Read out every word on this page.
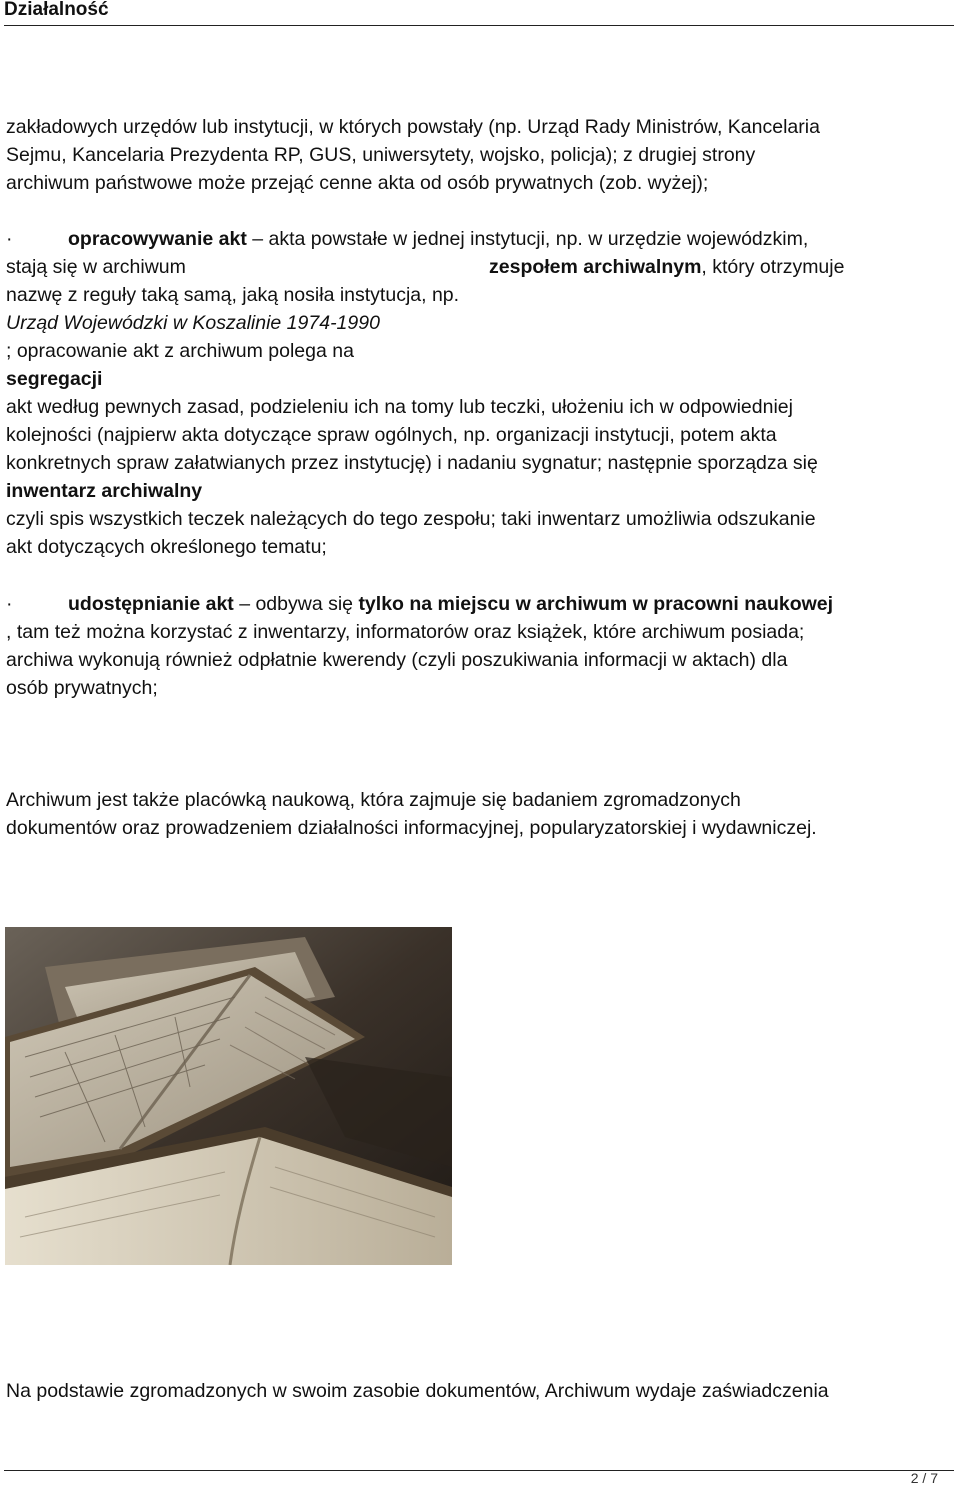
Działalność

zakładowych urzędów lub instytucji, w których powstały (np. Urząd Rady Ministrów, Kancelaria

Sejmu, Kancelaria Prezydenta RP, GUS, uniwersytety, wojsko, policja); z drugiej strony

archiwum państwowe może przejąć cenne akta od osób prywatnych (zob. wyżej);

·	opracowywanie akt – akta powstałe w jednej instytucji, np. w urzędzie wojewódzkim,

stają się w archiwum	zespołem archiwalnym, który otrzymuje

nazwę z reguły taką samą, jaką nosiła instytucja, np.

Urząd Wojewódzki w Koszalinie 1974-1990

; opracowanie akt z archiwum polega na

segregacji

akt według pewnych zasad, podzieleniu ich na tomy lub teczki, ułożeniu ich w odpowiedniej

kolejności (najpierw akta dotyczące spraw ogólnych, np. organizacji instytucji, potem akta

konkretnych spraw załatwianych przez instytucję) i nadaniu sygnatur; następnie sporządza się

inwentarz archiwalny

czyli spis wszystkich teczek należących do tego zespołu; taki inwentarz umożliwia odszukanie

akt dotyczących określonego tematu;

·	udostępnianie akt – odbywa się tylko na miejscu w archiwum w pracowni naukowej

, tam też można korzystać z inwentarzy, informatorów oraz książek, które archiwum posiada;

archiwa wykonują również odpłatnie kwerendy (czyli poszukiwania informacji w aktach) dla

osób prywatnych;

Archiwum jest także placówką naukową, która zajmuje się badaniem zgromadzonych

dokumentów oraz prowadzeniem działalności informacyjnej, popularyzatorskiej i wydawniczej.

Na podstawie zgromadzonych w swoim zasobie dokumentów, Archiwum wydaje zaświadczenia

2 / 7
